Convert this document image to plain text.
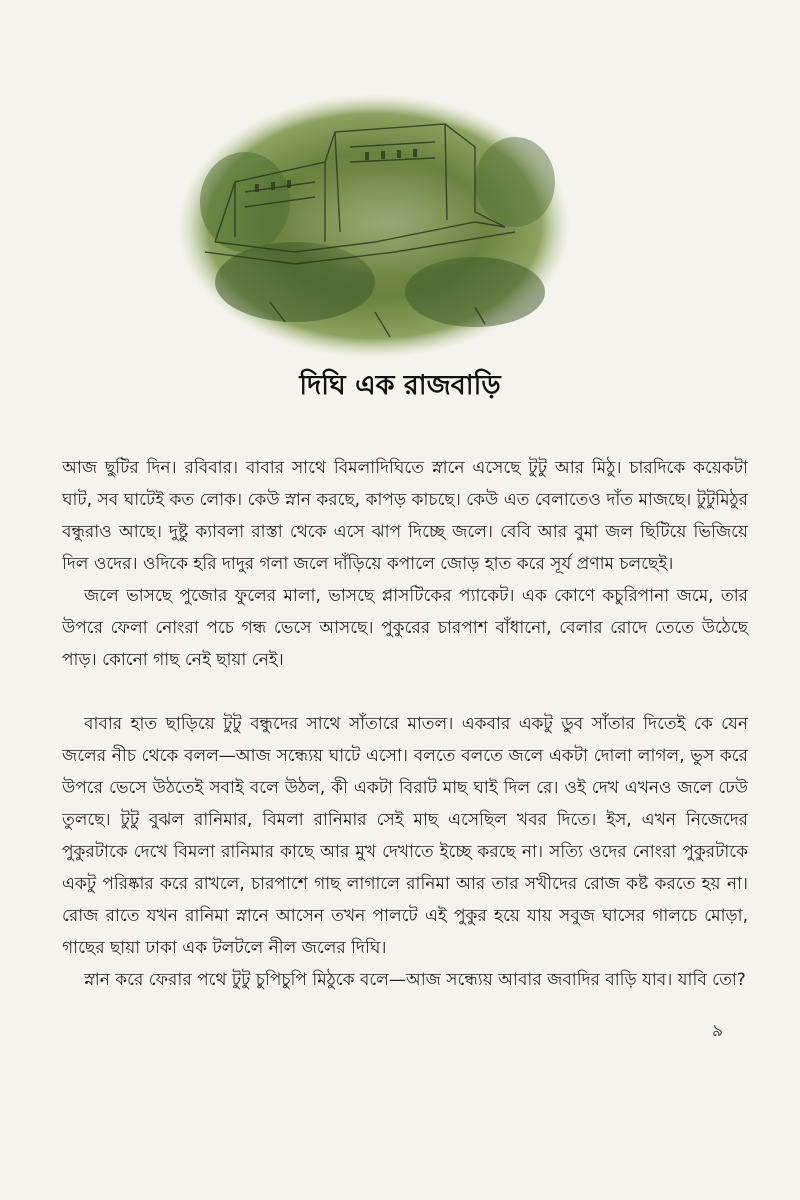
দিঘি এক রাজবাড়ি

আজ ছুটির দিন। রবিবার। বাবার সাথে বিমলাদিঘিতে স্নানে এসেছে টুটু আর মিঠু। চারদিকে কয়েকটা ঘাট, সব ঘাটেই কত লোক। কেউ স্নান করছে, কাপড় কাচছে। কেউ এত বেলাতেও দাঁত মাজছে। টুটুমিঠুর বন্ধুরাও আছে। দুষ্টু ক্যাবলা রাস্তা থেকে এসে ঝাপ দিচ্ছে জলে। বেবি আর বুমা জল ছিটিয়ে ভিজিয়ে দিল ওদের। ওদিকে হরি দাদুর গলা জলে দাঁড়িয়ে কপালে জোড় হাত করে সূর্য প্রণাম চলছেই।

জলে ভাসছে পুজোর ফুলের মালা, ভাসছে প্লাসটিকের প্যাকেট। এক কোণে কচুরিপানা জমে, তার উপরে ফেলা নোংরা পচে গন্ধ ভেসে আসছে। পুকুরের চারপাশ বাঁধানো, বেলার রোদে তেতে উঠেছে পাড়। কোনো গাছ নেই ছায়া নেই।

বাবার হাত ছাড়িয়ে টুটু বন্ধুদের সাথে সাঁতারে মাতল। একবার একটু ডুব সাঁতার দিতেই কে যেন জলের নীচ থেকে বলল—আজ সন্ধ্যেয় ঘাটে এসো। বলতে বলতে জলে একটা দোলা লাগল, ভুস করে উপরে ভেসে উঠতেই সবাই বলে উঠল, কী একটা বিরাট মাছ ঘাই দিল রে। ওই দেখ এখনও জলে ঢেউ তুলছে। টুটু বুঝল রানিমার, বিমলা রানিমার সেই মাছ এসেছিল খবর দিতে। ইস, এখন নিজেদের পুকুরটাকে দেখে বিমলা রানিমার কাছে আর মুখ দেখাতে ইচ্ছে করছে না। সত্যি ওদের নোংরা পুকুরটাকে একটু পরিষ্কার করে রাখলে, চারপাশে গাছ লাগালে রানিমা আর তার সখীদের রোজ কষ্ট করতে হয় না। রোজ রাতে যখন রানিমা স্নানে আসেন তখন পালটে এই পুকুর হয়ে যায় সবুজ ঘাসের গালচে মোড়া, গাছের ছায়া ঢাকা এক টলটলে নীল জলের দিঘি।

স্নান করে ফেরার পথে টুটু চুপিচুপি মিঠুকে বলে—আজ সন্ধ্যেয় আবার জবাদির বাড়ি যাব। যাবি তো?

৯
